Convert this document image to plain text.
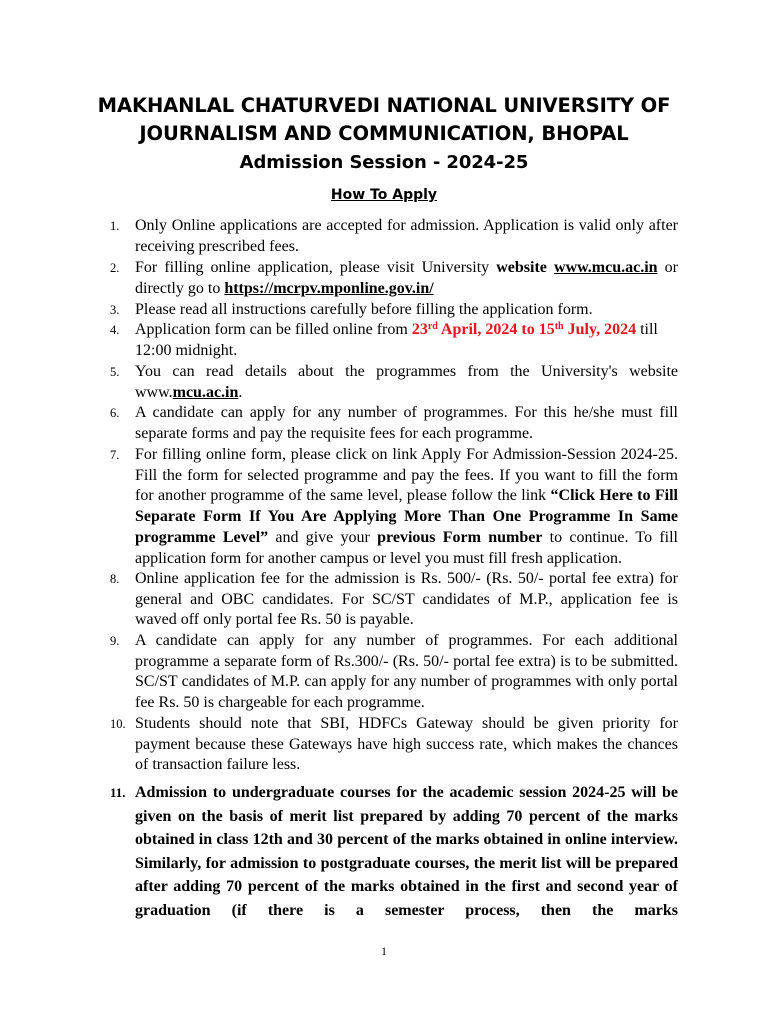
MAKHANLAL CHATURVEDI NATIONAL UNIVERSITY OF
JOURNALISM AND COMMUNICATION, BHOPAL
Admission Session - 2024-25
How To Apply
1. Only Online applications are accepted for admission. Application is valid only after receiving prescribed fees.
2. For filling online application, please visit University website www.mcu.ac.in or directly go to https://mcrpv.mponline.gov.in/
3. Please read all instructions carefully before filling the application form.
4. Application form can be filled online from 23rd April, 2024 to 15th July, 2024 till 12:00 midnight.
5. You can read details about the programmes from the University's website www.mcu.ac.in.
6. A candidate can apply for any number of programmes. For this he/she must fill separate forms and pay the requisite fees for each programme.
7. For filling online form, please click on link Apply For Admission-Session 2024-25. Fill the form for selected programme and pay the fees. If you want to fill the form for another programme of the same level, please follow the link “Click Here to Fill Separate Form If You Are Applying More Than One Programme In Same programme Level” and give your previous Form number to continue. To fill application form for another campus or level you must fill fresh application.
8. Online application fee for the admission is Rs. 500/- (Rs. 50/- portal fee extra) for general and OBC candidates. For SC/ST candidates of M.P., application fee is waved off only portal fee Rs. 50 is payable.
9. A candidate can apply for any number of programmes. For each additional programme a separate form of Rs.300/- (Rs. 50/- portal fee extra) is to be submitted. SC/ST candidates of M.P. can apply for any number of programmes with only portal fee Rs. 50 is chargeable for each programme.
10. Students should note that SBI, HDFCs Gateway should be given priority for payment because these Gateways have high success rate, which makes the chances of transaction failure less.
11. Admission to undergraduate courses for the academic session 2024-25 will be given on the basis of merit list prepared by adding 70 percent of the marks obtained in class 12th and 30 percent of the marks obtained in online interview. Similarly, for admission to postgraduate courses, the merit list will be prepared after adding 70 percent of the marks obtained in the first and second year of graduation (if there is a semester process, then the marks
1
